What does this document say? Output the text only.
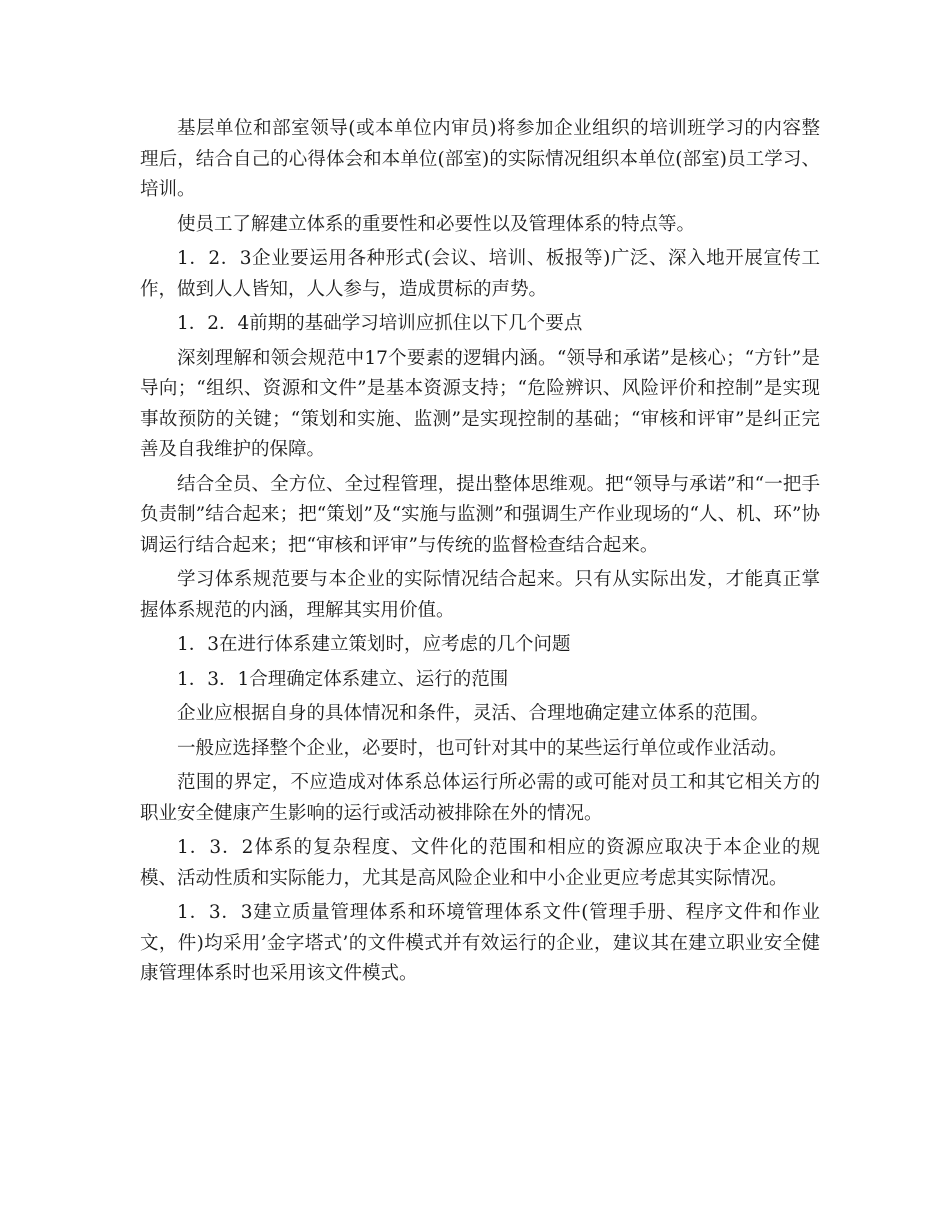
基层单位和部室领导(或本单位内审员)将参加企业组织的培训班学习的内容整理后，结合自己的心得体会和本单位(部室)的实际情况组织本单位(部室)员工学习、培训。

使员工了解建立体系的重要性和必要性以及管理体系的特点等。

1．2．3企业要运用各种形式(会议、培训、板报等)广泛、深入地开展宣传工作，做到人人皆知，人人参与，造成贯标的声势。

1．2．4前期的基础学习培训应抓住以下几个要点

深刻理解和领会规范中17个要素的逻辑内涵。“领导和承诺”是核心；“方针”是导向；“组织、资源和文件”是基本资源支持；“危险辨识、风险评价和控制”是实现事故预防的关键；“策划和实施、监测”是实现控制的基础；“审核和评审”是纠正完善及自我维护的保障。

结合全员、全方位、全过程管理，提出整体思维观。把“领导与承诺”和“一把手负责制”结合起来；把“策划”及“实施与监测”和强调生产作业现场的“人、机、环”协调运行结合起来；把“审核和评审”与传统的监督检查结合起来。

学习体系规范要与本企业的实际情况结合起来。只有从实际出发，才能真正掌握体系规范的内涵，理解其实用价值。

1．3在进行体系建立策划时，应考虑的几个问题

1．3．1合理确定体系建立、运行的范围

企业应根据自身的具体情况和条件，灵活、合理地确定建立体系的范围。

一般应选择整个企业，必要时，也可针对其中的某些运行单位或作业活动。

范围的界定，不应造成对体系总体运行所必需的或可能对员工和其它相关方的职业安全健康产生影响的运行或活动被排除在外的情况。

1．3．2体系的复杂程度、文件化的范围和相应的资源应取决于本企业的规模、活动性质和实际能力，尤其是高风险企业和中小企业更应考虑其实际情况。

1．3．3建立质量管理体系和环境管理体系文件(管理手册、程序文件和作业文，件)均采用’金字塔式’的文件模式并有效运行的企业，建议其在建立职业安全健康管理体系时也采用该文件模式。
